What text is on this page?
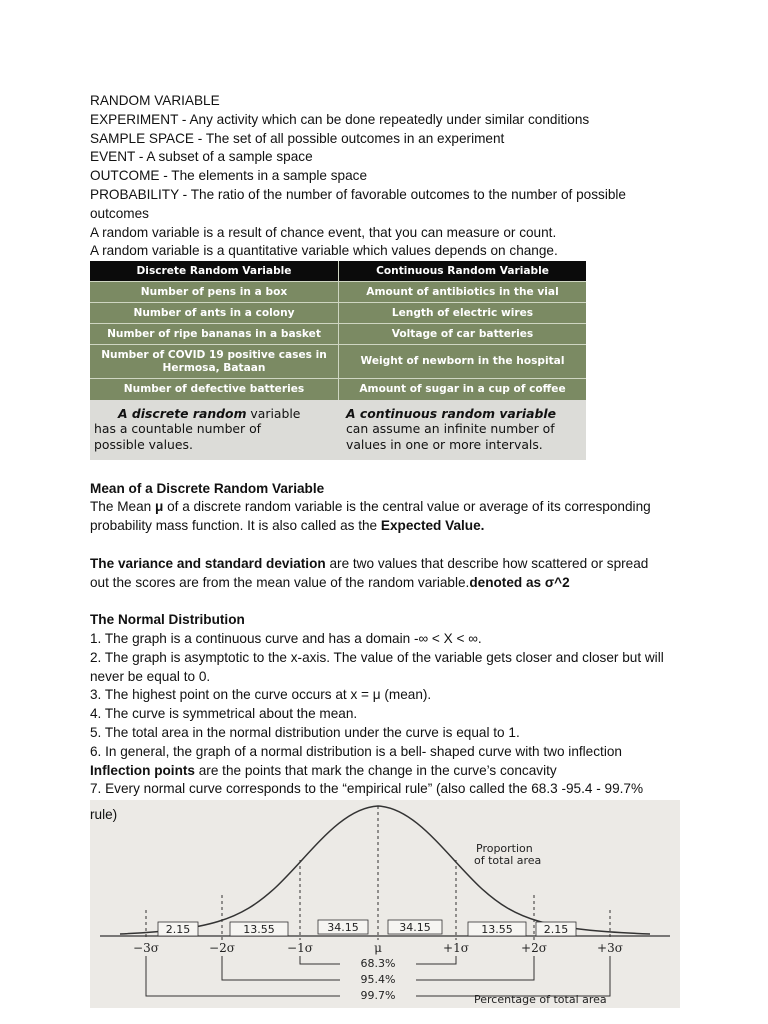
RANDOM VARIABLE
EXPERIMENT - Any activity which can be done repeatedly under similar conditions
SAMPLE SPACE - The set of all possible outcomes in an experiment
EVENT - A subset of a sample space
OUTCOME - The elements in a sample space
PROBABILITY - The ratio of the number of favorable outcomes to the number of possible
outcomes
A random variable is a result of chance event, that you can measure or count.
A random variable is a quantitative variable which values depends on change.
Discrete Random Variable	Continuous Random Variable
Number of pens in a box	Amount of antibiotics in the vial
Number of ants in a colony	Length of electric wires
Number of ripe bananas in a basket	Voltage of car batteries
Number of COVID 19 positive cases in Hermosa, Bataan	Weight of newborn in the hospital
Number of defective batteries	Amount of sugar in a cup of coffee
A discrete random variable
has a countable number of
possible values.
A continuous random variable
can assume an infinite number of
values in one or more intervals.
Mean of a Discrete Random Variable
The Mean μ of a discrete random variable is the central value or average of its corresponding
probability mass function. It is also called as the Expected Value.
The variance and standard deviation are two values that describe how scattered or spread
out the scores are from the mean value of the random variable.denoted as σ^2
The Normal Distribution
1. The graph is a continuous curve and has a domain -∞ < X < ∞.
2. The graph is asymptotic to the x-axis. The value of the variable gets closer and closer but will
never be equal to 0.
3. The highest point on the curve occurs at x = μ (mean).
4. The curve is symmetrical about the mean.
5. The total area in the normal distribution under the curve is equal to 1.
6. In general, the graph of a normal distribution is a bell- shaped curve with two inflection
Inflection points are the points that mark the change in the curve’s concavity
7. Every normal curve corresponds to the “empirical rule” (also called the 68.3 -95.4 - 99.7%
2.15	13.55	34.15	34.15	13.55	2.15
−3σ	−2σ	−1σ	μ	+1σ	+2σ	+3σ
68.3%
95.4%
99.7%
Proportion
of total area
Percentage of total area
rule)
